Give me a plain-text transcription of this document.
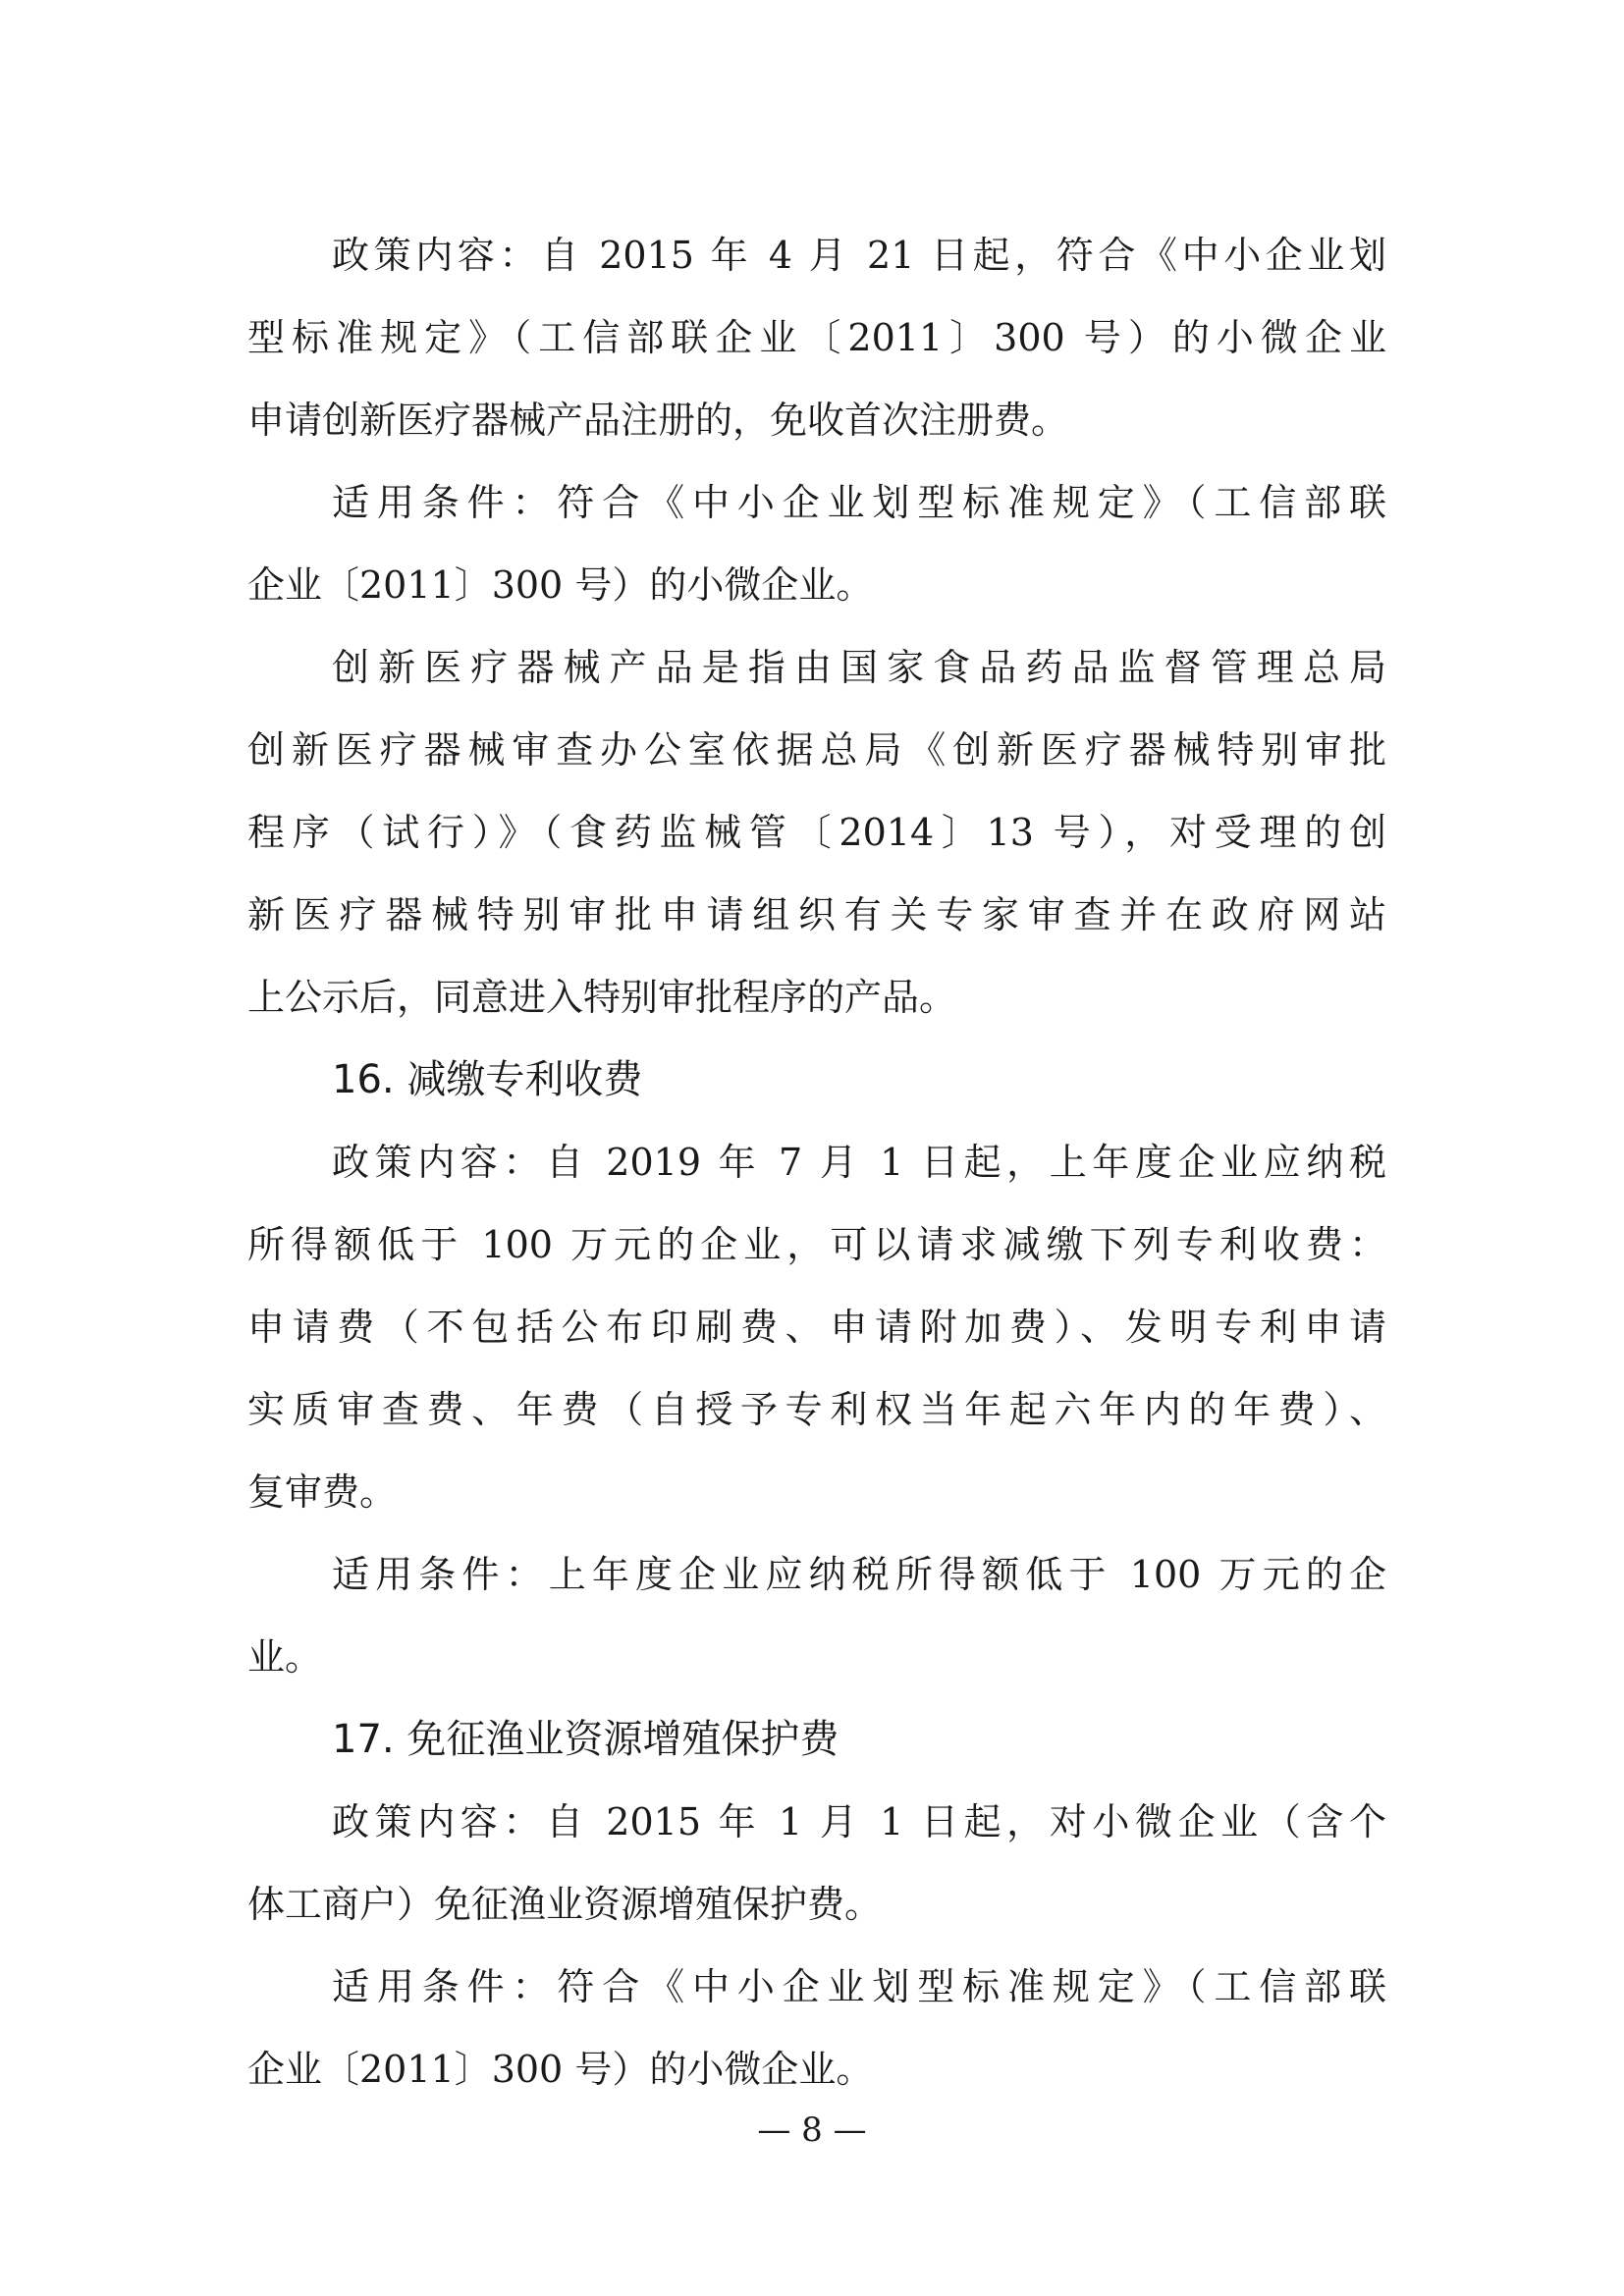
政策内容：自 2015 年 4 月 21 日起，符合《中小企业划
型标准规定》（工信部联企业〔2011〕300 号）的小微企业
申请创新医疗器械产品注册的，免收首次注册费。
适用条件：符合《中小企业划型标准规定》（工信部联
企业〔2011〕300 号）的小微企业。
创新医疗器械产品是指由国家食品药品监督管理总局
创新医疗器械审查办公室依据总局《创新医疗器械特别审批
程序（试行）》（食药监械管〔2014〕13 号），对受理的创
新医疗器械特别审批申请组织有关专家审查并在政府网站
上公示后，同意进入特别审批程序的产品。
16. 减缴专利收费
政策内容：自 2019 年 7 月 1 日起，上年度企业应纳税
所得额低于 100 万元的企业，可以请求减缴下列专利收费：
申请费（不包括公布印刷费、申请附加费）、发明专利申请
实质审查费、年费（自授予专利权当年起六年内的年费）、
复审费。
适用条件：上年度企业应纳税所得额低于 100 万元的企
业。
17. 免征渔业资源增殖保护费
政策内容：自 2015 年 1 月 1 日起，对小微企业（含个
体工商户）免征渔业资源增殖保护费。
适用条件：符合《中小企业划型标准规定》（工信部联
企业〔2011〕300 号）的小微企业。
— 8 —
